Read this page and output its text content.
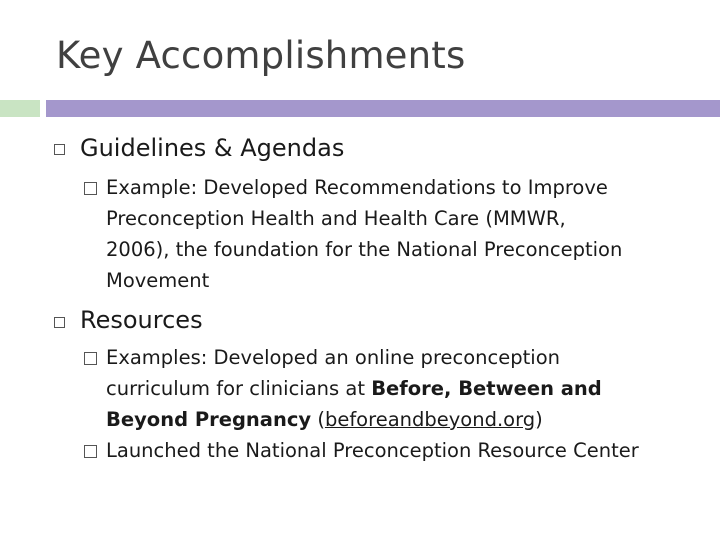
Key Accomplishments
Guidelines & Agendas
Example: Developed Recommendations to Improve
Preconception Health and Health Care (MMWR,
2006), the foundation for the National Preconception
Movement
Resources
Examples: Developed an online preconception
curriculum for clinicians at Before, Between and
Beyond Pregnancy (beforeandbeyond.org)
Launched the National Preconception Resource Center
